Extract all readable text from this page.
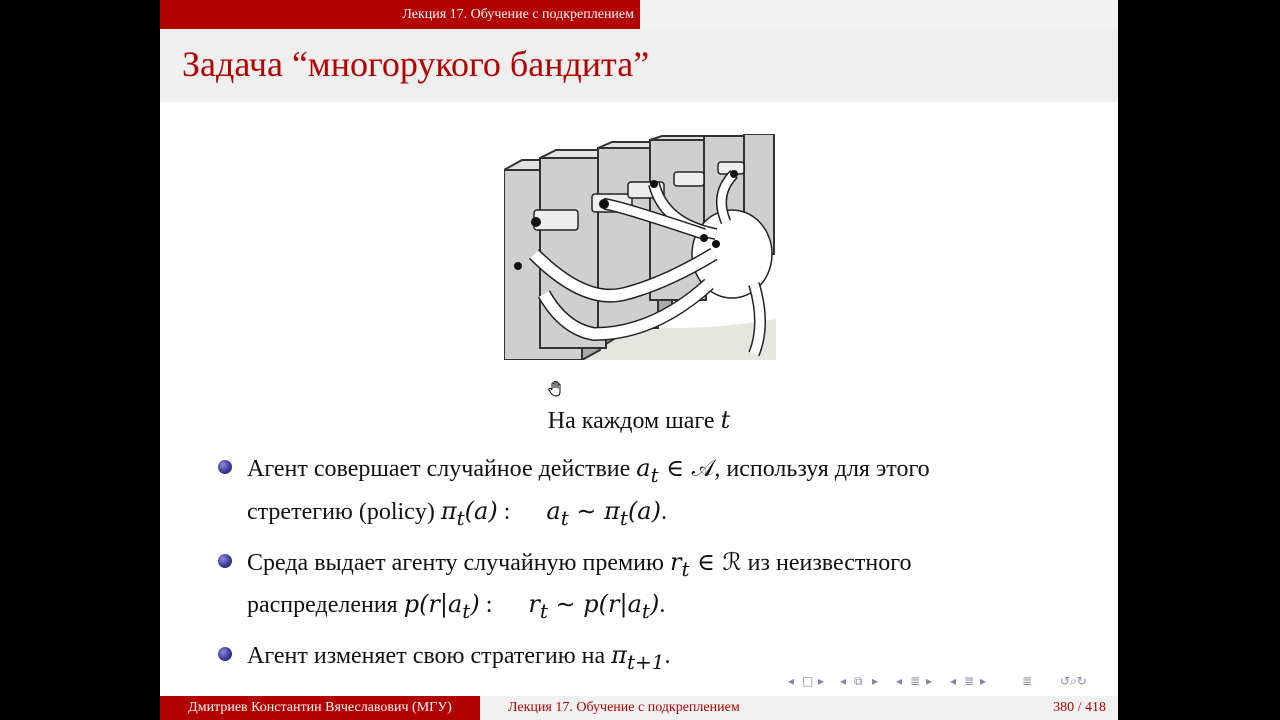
Лекция 17. Обучение с подкреплением
Задача “многорукого бандита”
На каждом шаге t
Агент совершает случайное действие $a_t$ ∈ 𝒜, используя для этого
стретегию (policy) $\pi_t(a)$ : $a_t$ ∼ $\pi_t(a)$.
Среда выдает агенту случайную премию $r_t$ ∈ ℛ из неизвестного
распределения $p(r|a_t)$ : $r_t$ ∼ $p(r|a_t)$.
Агент изменяет свою стратегию на $\pi_{t+1}$.
◂ □ ▸ ◂ ⧉ ▸ ◂ ≣ ▸ ◂ ≣ ▸	≣ ↺⌕↻
Дмитриев Константин Вячеславович (МГУ)	Лекция 17. Обучение с подкреплением	380 / 418
